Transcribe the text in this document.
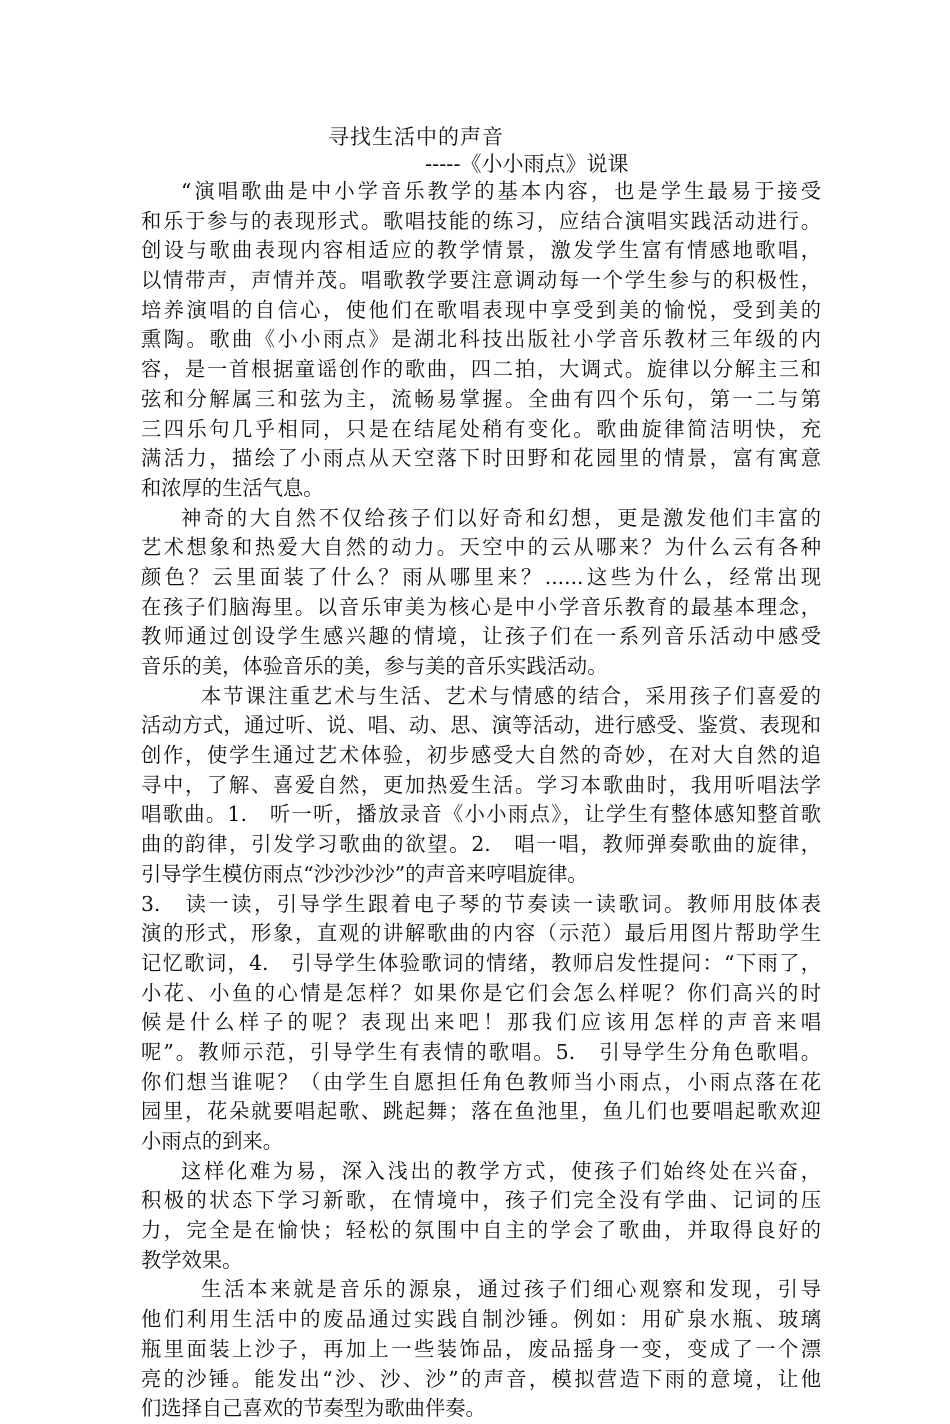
寻找生活中的声音
-----《小小雨点》说课
“演唱歌曲是中小学音乐教学的基本内容，也是学生最易于接受
和乐于参与的表现形式。歌唱技能的练习，应结合演唱实践活动进行。
创设与歌曲表现内容相适应的教学情景，激发学生富有情感地歌唱，
以情带声，声情并茂。唱歌教学要注意调动每一个学生参与的积极性，
培养演唱的自信心，使他们在歌唱表现中享受到美的愉悦，受到美的
熏陶。歌曲《小小雨点》是湖北科技出版社小学音乐教材三年级的内
容，是一首根据童谣创作的歌曲，四二拍，大调式。旋律以分解主三和
弦和分解属三和弦为主，流畅易掌握。全曲有四个乐句，第一二与第
三四乐句几乎相同，只是在结尾处稍有变化。歌曲旋律简洁明快，充
满活力，描绘了小雨点从天空落下时田野和花园里的情景，富有寓意
和浓厚的生活气息。
神奇的大自然不仅给孩子们以好奇和幻想，更是激发他们丰富的
艺术想象和热爱大自然的动力。天空中的云从哪来？为什么云有各种
颜色？云里面装了什么？雨从哪里来？......这些为什么，经常出现
在孩子们脑海里。以音乐审美为核心是中小学音乐教育的最基本理念，
教师通过创设学生感兴趣的情境，让孩子们在一系列音乐活动中感受
音乐的美，体验音乐的美，参与美的音乐实践活动。
本节课注重艺术与生活、艺术与情感的结合，采用孩子们喜爱的
活动方式，通过听、说、唱、动、思、演等活动，进行感受、鉴赏、表现和
创作，使学生通过艺术体验，初步感受大自然的奇妙，在对大自然的追
寻中，了解、喜爱自然，更加热爱生活。学习本歌曲时，我用听唱法学
唱歌曲。1.　听一听，播放录音《小小雨点》，让学生有整体感知整首歌
曲的韵律，引发学习歌曲的欲望。2.　唱一唱，教师弹奏歌曲的旋律，
引导学生模仿雨点“沙沙沙沙”的声音来哼唱旋律。
3.　读一读，引导学生跟着电子琴的节奏读一读歌词。教师用肢体表
演的形式，形象，直观的讲解歌曲的内容（示范）最后用图片帮助学生
记忆歌词，4.　引导学生体验歌词的情绪，教师启发性提问：“下雨了，
小花、小鱼的心情是怎样？如果你是它们会怎么样呢？你们高兴的时
候是什么样子的呢？表现出来吧！那我们应该用怎样的声音来唱
呢”。教师示范，引导学生有表情的歌唱。5.　引导学生分角色歌唱。
你们想当谁呢？（由学生自愿担任角色教师当小雨点，小雨点落在花
园里，花朵就要唱起歌、跳起舞；落在鱼池里，鱼儿们也要唱起歌欢迎
小雨点的到来。
这样化难为易，深入浅出的教学方式，使孩子们始终处在兴奋，
积极的状态下学习新歌，在情境中，孩子们完全没有学曲、记词的压
力，完全是在愉快；轻松的氛围中自主的学会了歌曲，并取得良好的
教学效果。
生活本来就是音乐的源泉，通过孩子们细心观察和发现，引导
他们利用生活中的废品通过实践自制沙锤。例如：用矿泉水瓶、玻璃
瓶里面装上沙子，再加上一些装饰品，废品摇身一变，变成了一个漂
亮的沙锤。能发出“沙、沙、沙”的声音，模拟营造下雨的意境，让他
们选择自己喜欢的节奏型为歌曲伴奏。
